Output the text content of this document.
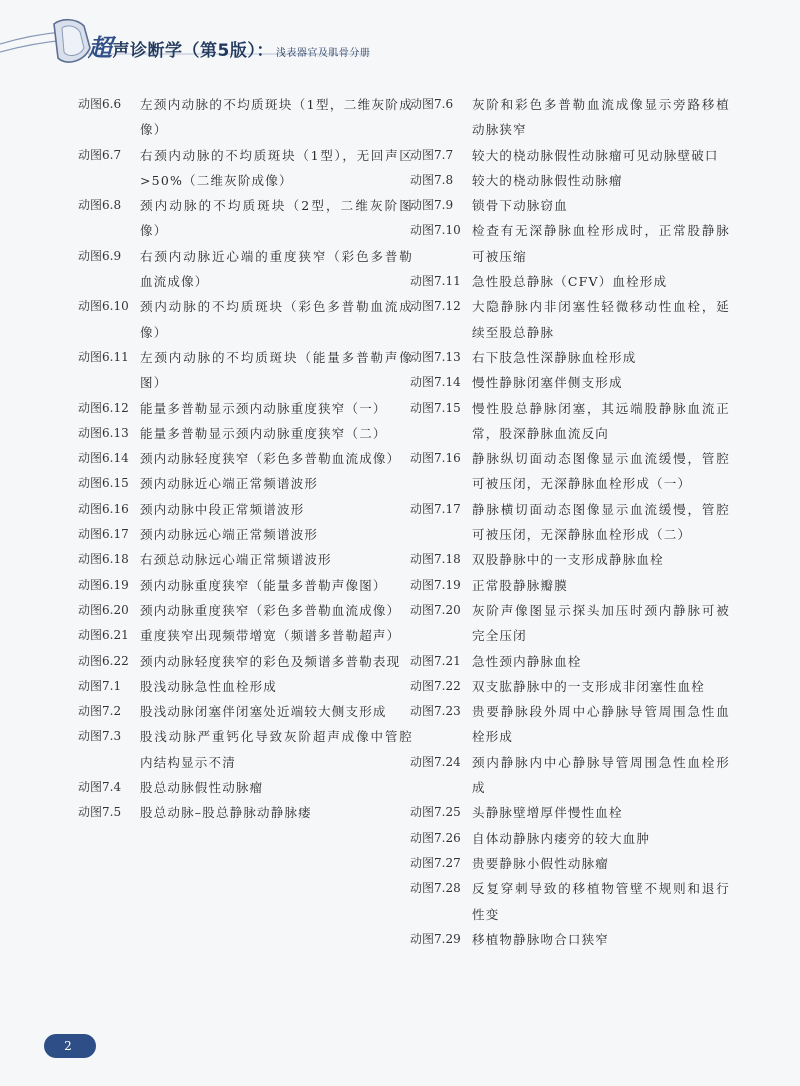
超声诊断学（第5版）： 浅表器官及肌骨分册
动图6.6	左颈内动脉的不均质斑块（1型，二维灰阶成像）
动图6.7	右颈内动脉的不均质斑块（1型），无回声区>50%（二维灰阶成像）
动图6.8	颈内动脉的不均质斑块（2型，二维灰阶图像）
动图6.9	右颈内动脉近心端的重度狭窄（彩色多普勒血流成像）
动图6.10 颈内动脉的不均质斑块（彩色多普勒血流成像）
动图6.11 左颈内动脉的不均质斑块（能量多普勒声像图）
动图6.12 能量多普勒显示颈内动脉重度狭窄（一）
动图6.13 能量多普勒显示颈内动脉重度狭窄（二）
动图6.14 颈内动脉轻度狭窄（彩色多普勒血流成像）
动图6.15 颈内动脉近心端正常频谱波形
动图6.16 颈内动脉中段正常频谱波形
动图6.17 颈内动脉远心端正常频谱波形
动图6.18 右颈总动脉远心端正常频谱波形
动图6.19 颈内动脉重度狭窄（能量多普勒声像图）
动图6.20 颈内动脉重度狭窄（彩色多普勒血流成像）
动图6.21 重度狭窄出现频带增宽（频谱多普勒超声）
动图6.22 颈内动脉轻度狭窄的彩色及频谱多普勒表现
动图7.1	股浅动脉急性血栓形成
动图7.2	股浅动脉闭塞伴闭塞处近端较大侧支形成
动图7.3	股浅动脉严重钙化导致灰阶超声成像中管腔内结构显示不清
动图7.4	股总动脉假性动脉瘤
动图7.5	股总动脉–股总静脉动静脉瘘
动图7.6	灰阶和彩色多普勒血流成像显示旁路移植动脉狭窄
动图7.7	较大的桡动脉假性动脉瘤可见动脉壁破口
动图7.8	较大的桡动脉假性动脉瘤
动图7.9	锁骨下动脉窃血
动图7.10 检查有无深静脉血栓形成时，正常股静脉可被压缩
动图7.11 急性股总静脉（CFV）血栓形成
动图7.12 大隐静脉内非闭塞性轻微移动性血栓，延续至股总静脉
动图7.13 右下肢急性深静脉血栓形成
动图7.14 慢性静脉闭塞伴侧支形成
动图7.15 慢性股总静脉闭塞，其远端股静脉血流正常，股深静脉血流反向
动图7.16 静脉纵切面动态图像显示血流缓慢，管腔可被压闭，无深静脉血栓形成（一）
动图7.17 静脉横切面动态图像显示血流缓慢，管腔可被压闭，无深静脉血栓形成（二）
动图7.18 双股静脉中的一支形成静脉血栓
动图7.19 正常股静脉瓣膜
动图7.20 灰阶声像图显示探头加压时颈内静脉可被完全压闭
动图7.21 急性颈内静脉血栓
动图7.22 双支肱静脉中的一支形成非闭塞性血栓
动图7.23 贵要静脉段外周中心静脉导管周围急性血栓形成
动图7.24 颈内静脉内中心静脉导管周围急性血栓形成
动图7.25 头静脉壁增厚伴慢性血栓
动图7.26 自体动静脉内瘘旁的较大血肿
动图7.27 贵要静脉小假性动脉瘤
动图7.28 反复穿刺导致的移植物管壁不规则和退行性变
动图7.29 移植物静脉吻合口狭窄
2
